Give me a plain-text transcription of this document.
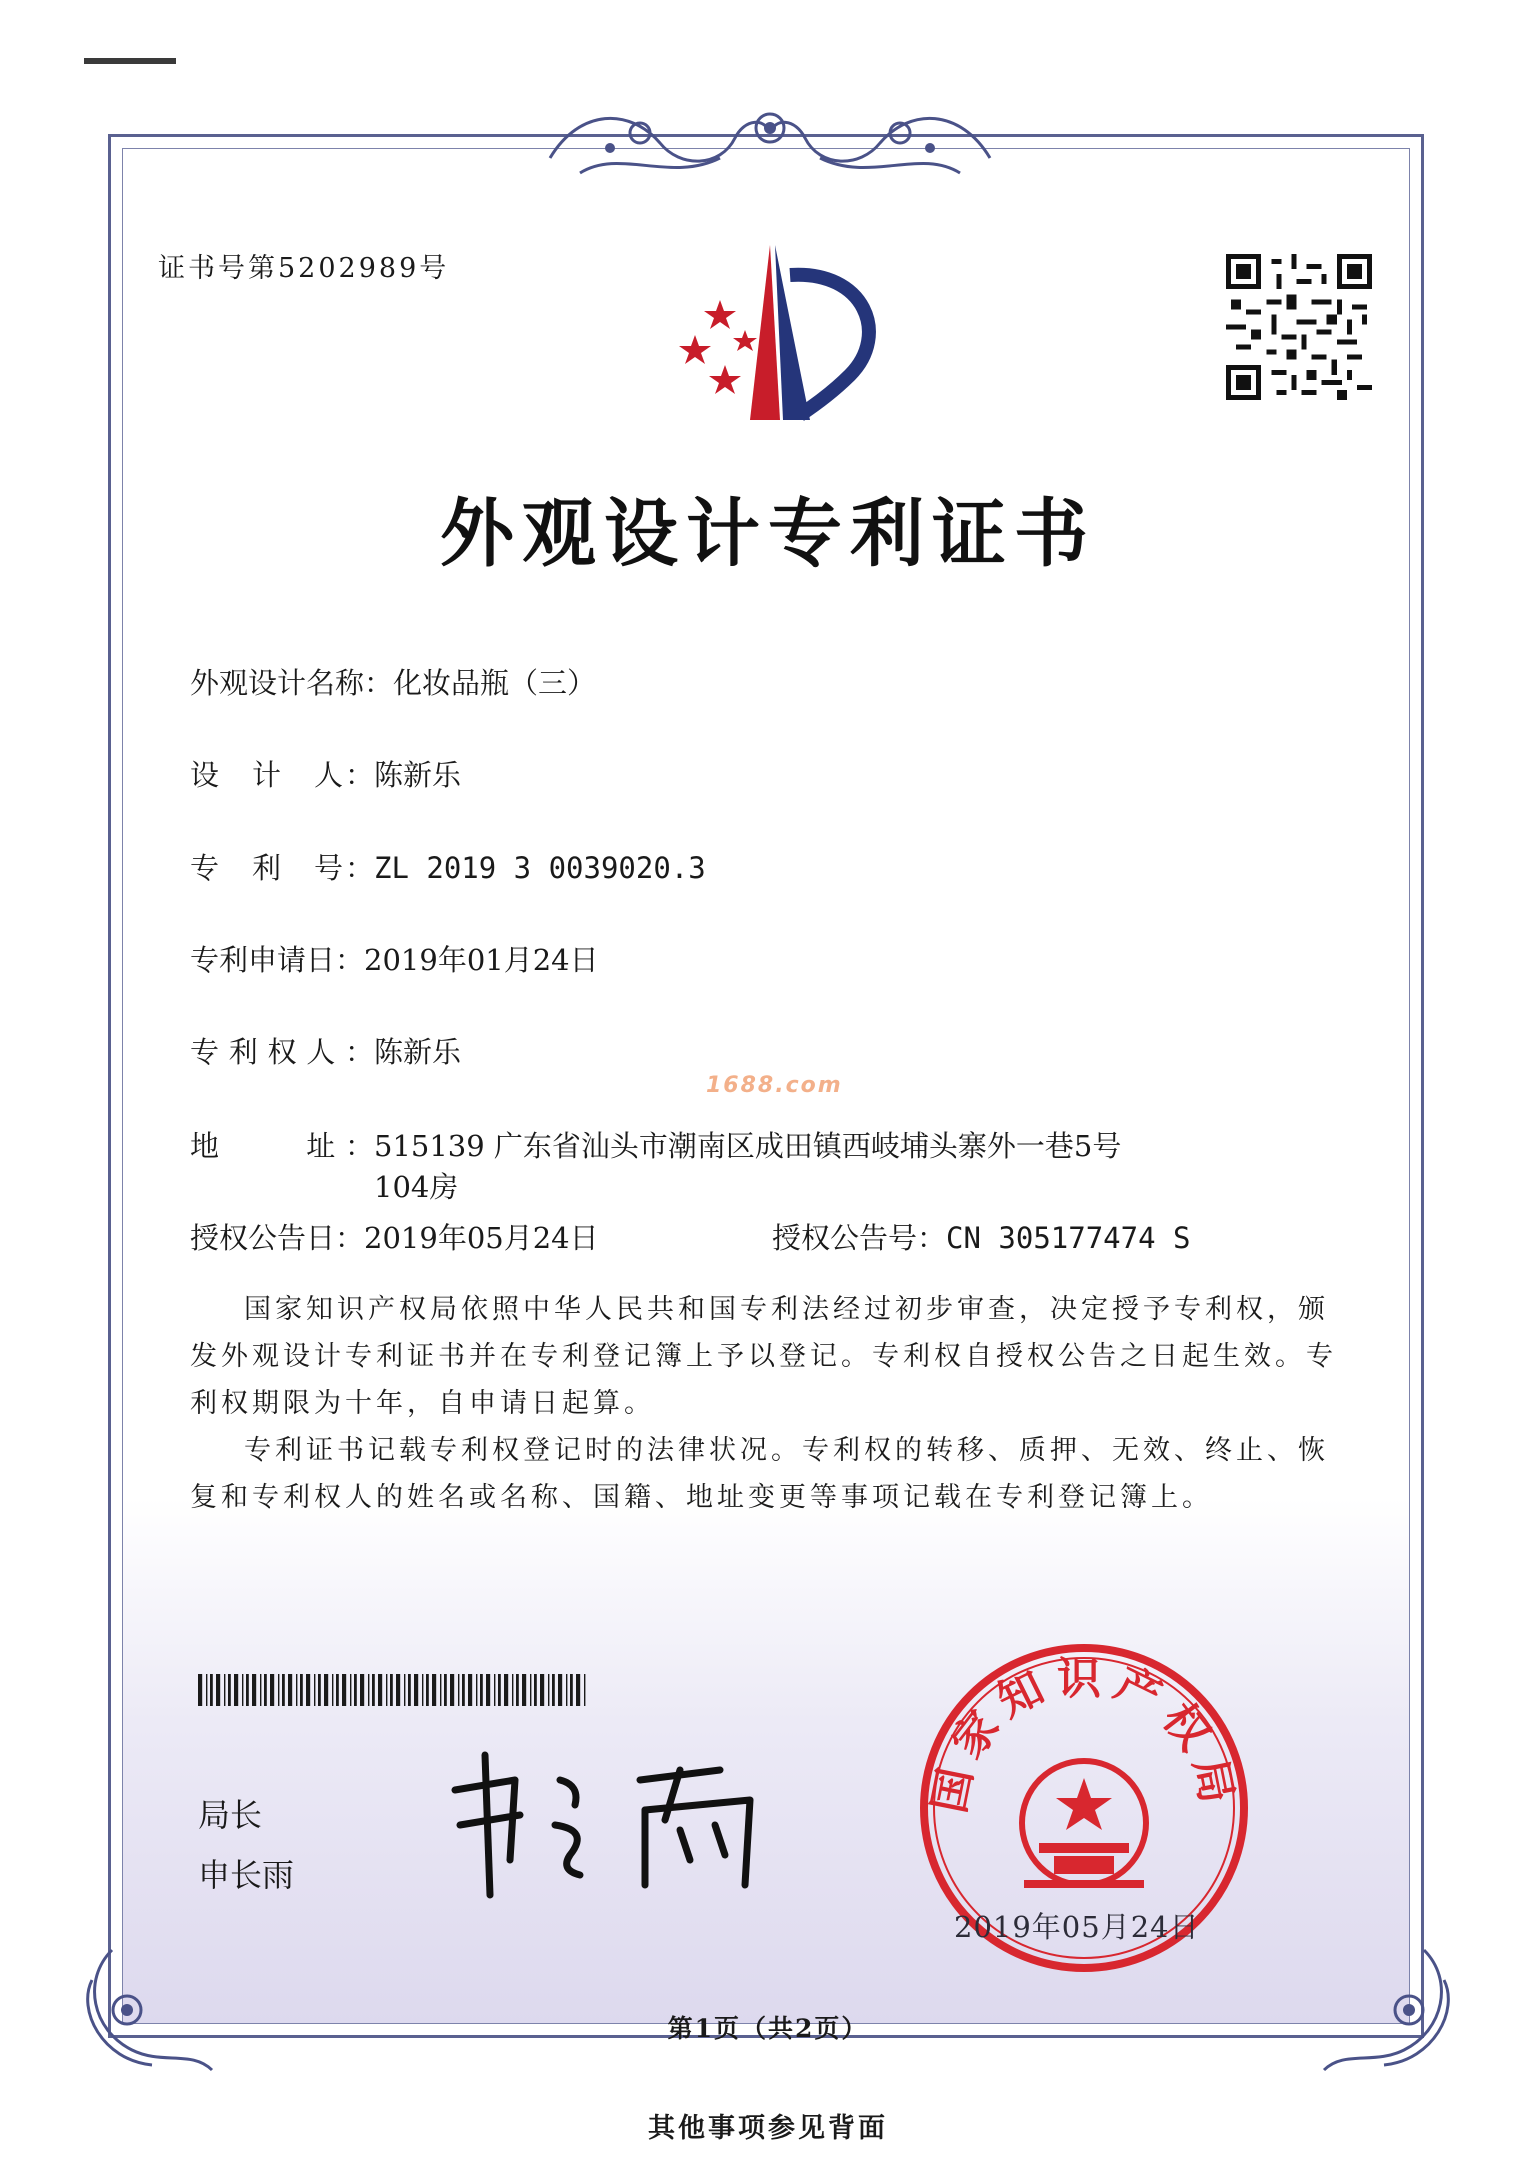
证书号第5202989号
外观设计专利证书
外观设计名称：化妆品瓶（三）
设　计　人：陈新乐
专　利　号：ZL 2019 3 0039020.3
专利申请日：2019年01月24日
专利权人：陈新乐
1688.com
地　　址：515139 广东省汕头市潮南区成田镇西岐埔头寨外一巷5号
104房
授权公告日：2019年05月24日	授权公告号：CN 305177474 S

国家知识产权局依照中华人民共和国专利法经过初步审查，决定授予专利权，颁发外观设计专利证书并在专利登记簿上予以登记。专利权自授权公告之日起生效。专利权期限为十年，自申请日起算。

专利证书记载专利权登记时的法律状况。专利权的转移、质押、无效、终止、恢复和专利权人的姓名或名称、国籍、地址变更等事项记载在专利登记簿上。

局长
申长雨
国家知识产权局
2019年05月24日
第1页（共2页）
其他事项参见背面
